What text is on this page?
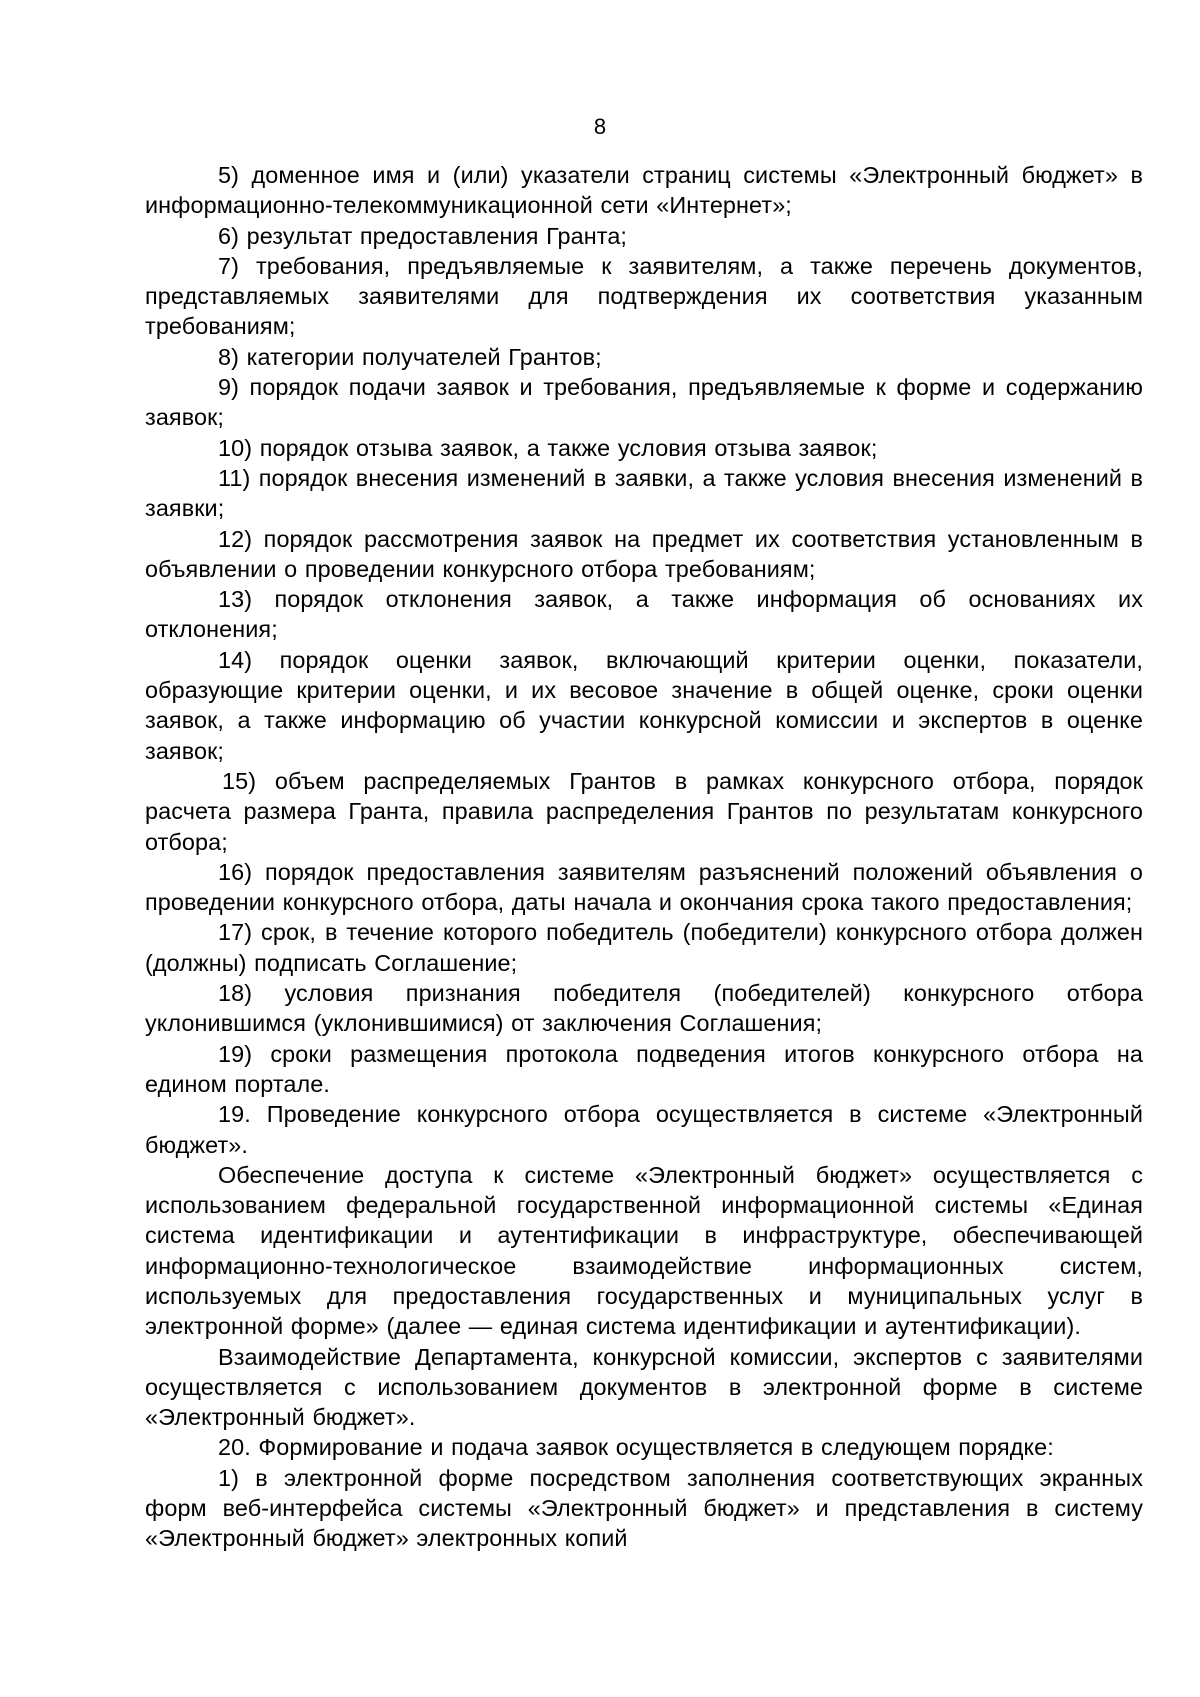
8

5) доменное имя и (или) указатели страниц системы «Электронный бюджет» в информационно-телекоммуникационной сети «Интернет»;

6) результат предоставления Гранта;

7) требования, предъявляемые к заявителям, а также перечень документов, представляемых заявителями для подтверждения их соответствия указанным требованиям;

8) категории получателей Грантов;

9) порядок подачи заявок и требования, предъявляемые к форме и содержанию заявок;

10) порядок отзыва заявок, а также условия отзыва заявок;

11) порядок внесения изменений в заявки, а также условия внесения изменений в заявки;

12) порядок рассмотрения заявок на предмет их соответствия установленным в объявлении о проведении конкурсного отбора требованиям;

13) порядок отклонения заявок, а также информация об основаниях их отклонения;

14) порядок оценки заявок, включающий критерии оценки, показатели, образующие критерии оценки, и их весовое значение в общей оценке, сроки оценки заявок, а также информацию об участии конкурсной комиссии и экспертов в оценке заявок;

15) объем распределяемых Грантов в рамках конкурсного отбора, порядок расчета размера Гранта, правила распределения Грантов по результатам конкурсного отбора;

16) порядок предоставления заявителям разъяснений положений объявления о проведении конкурсного отбора, даты начала и окончания срока такого предоставления;

17) срок, в течение которого победитель (победители) конкурсного отбора должен (должны) подписать Соглашение;

18) условия признания победителя (победителей) конкурсного отбора уклонившимся (уклонившимися) от заключения Соглашения;

19) сроки размещения протокола подведения итогов конкурсного отбора на едином портале.

19. Проведение конкурсного отбора осуществляется в системе «Электронный бюджет».

Обеспечение доступа к системе «Электронный бюджет» осуществляется с использованием федеральной государственной информационной системы «Единая система идентификации и аутентификации в инфраструктуре, обеспечивающей информационно-технологическое взаимодействие информационных систем, используемых для предоставления государственных и муниципальных услуг в электронной форме» (далее — единая система идентификации и аутентификации).

Взаимодействие Департамента, конкурсной комиссии, экспертов с заявителями осуществляется с использованием документов в электронной форме в системе «Электронный бюджет».

20. Формирование и подача заявок осуществляется в следующем порядке:

1) в электронной форме посредством заполнения соответствующих экранных форм веб-интерфейса системы «Электронный бюджет» и представления в систему «Электронный бюджет» электронных копий
